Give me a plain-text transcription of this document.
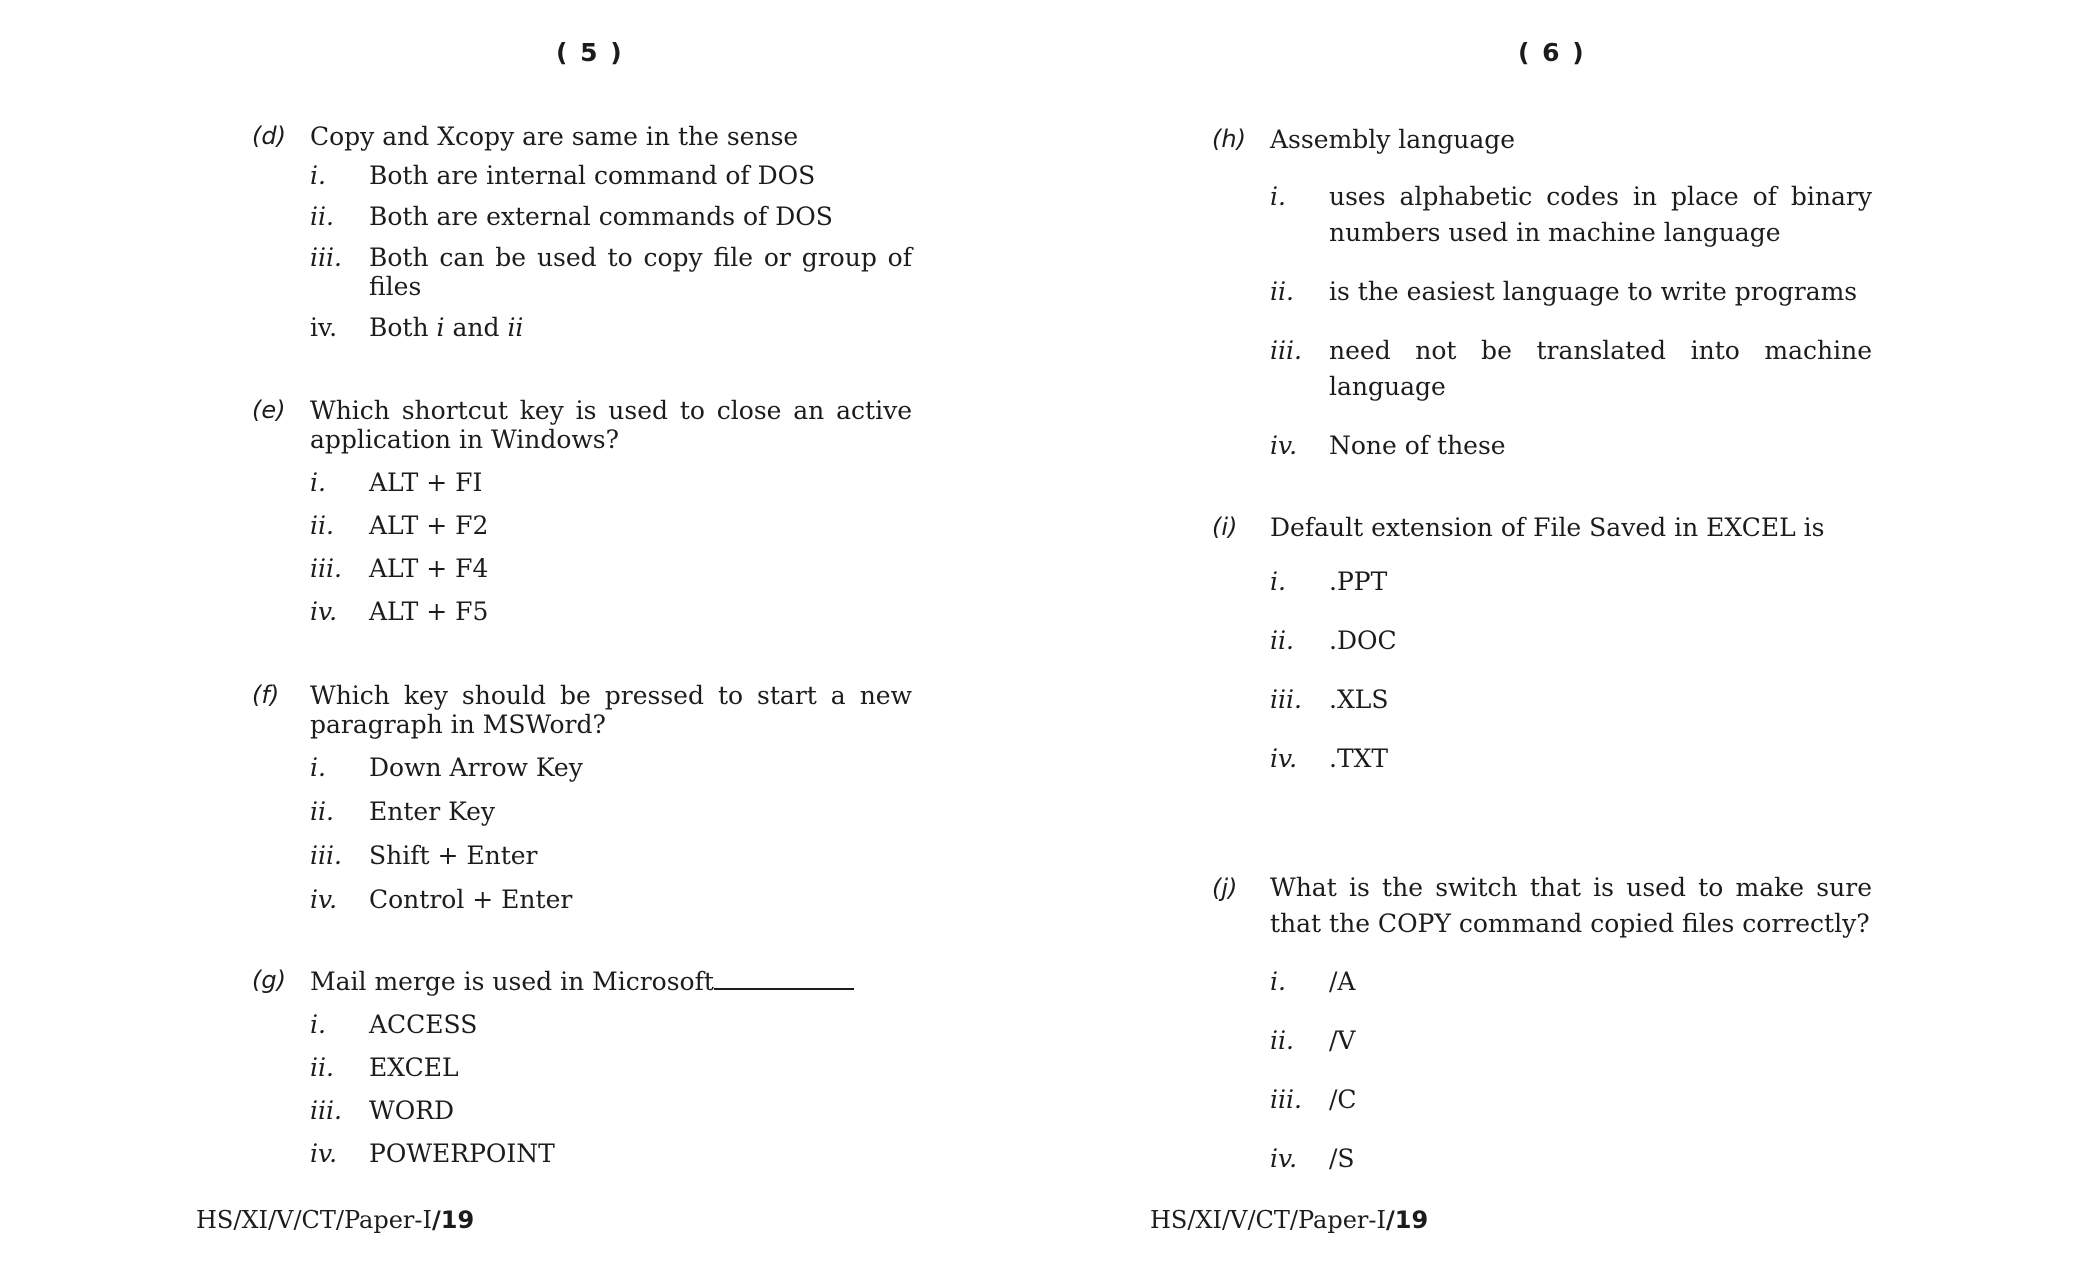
( 5 )
(d) Copy and Xcopy are same in the sense
i.	Both are internal command of DOS
ii.	Both are external commands of DOS
iii.	Both can be used to copy file or group of files
iv.	Both i and ii
(e) Which shortcut key is used to close an active application in Windows?
i.	ALT + FI
ii.	ALT + F2
iii.	ALT + F4
iv.	ALT + F5
(f)	Which key should be pressed to start a new paragraph in MSWord?
i.	Down Arrow Key
ii.	Enter Key
iii.	Shift + Enter
iv.	Control + Enter
(g) Mail merge is used in Microsoft
i.	ACCESS
ii.	EXCEL
iii.	WORD
iv.	POWERPOINT
HS/XI/V/CT/Paper-I/19
( 6 )
(h) Assembly language
i.	uses alphabetic codes in place of binary numbers used in machine language
ii.	is the easiest language to write programs
iii.	need not be translated into machine language
iv.	None of these
(i)	Default extension of File Saved in EXCEL is
i.	.PPT
ii.	.DOC
iii.	.XLS
iv.	.TXT
(j)	What is the switch that is used to make sure that the COPY command copied files correctly?
i.	/A
ii.	/V
iii.	/C
iv.	/S
HS/XI/V/CT/Paper-I/19
